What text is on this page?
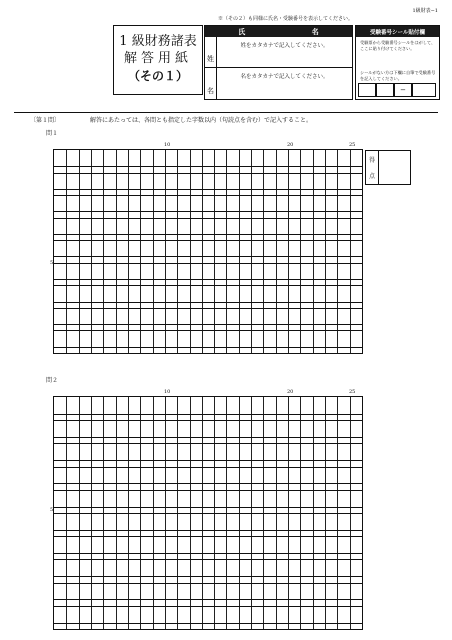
1級財表−1
※（その２）も同様に氏名・受験番号を表示してください。
1 級財務諸表
解答用紙
（その１）
氏	名
姓
名
姓をカタカナで記入してください。
名をカタカナで記入してください。
受験番号シール貼付欄
受験票から受験番号シールをはがして、ここに貼り付けてください。
シールがない方は下欄に自筆で受験番号を記入してください。
−
〔第１問〕	解答にあたっては、各問とも指定した字数以内（句読点を含む）で記入すること。
問１
10	20	25
5
得
点
問２
10	20	25
5
